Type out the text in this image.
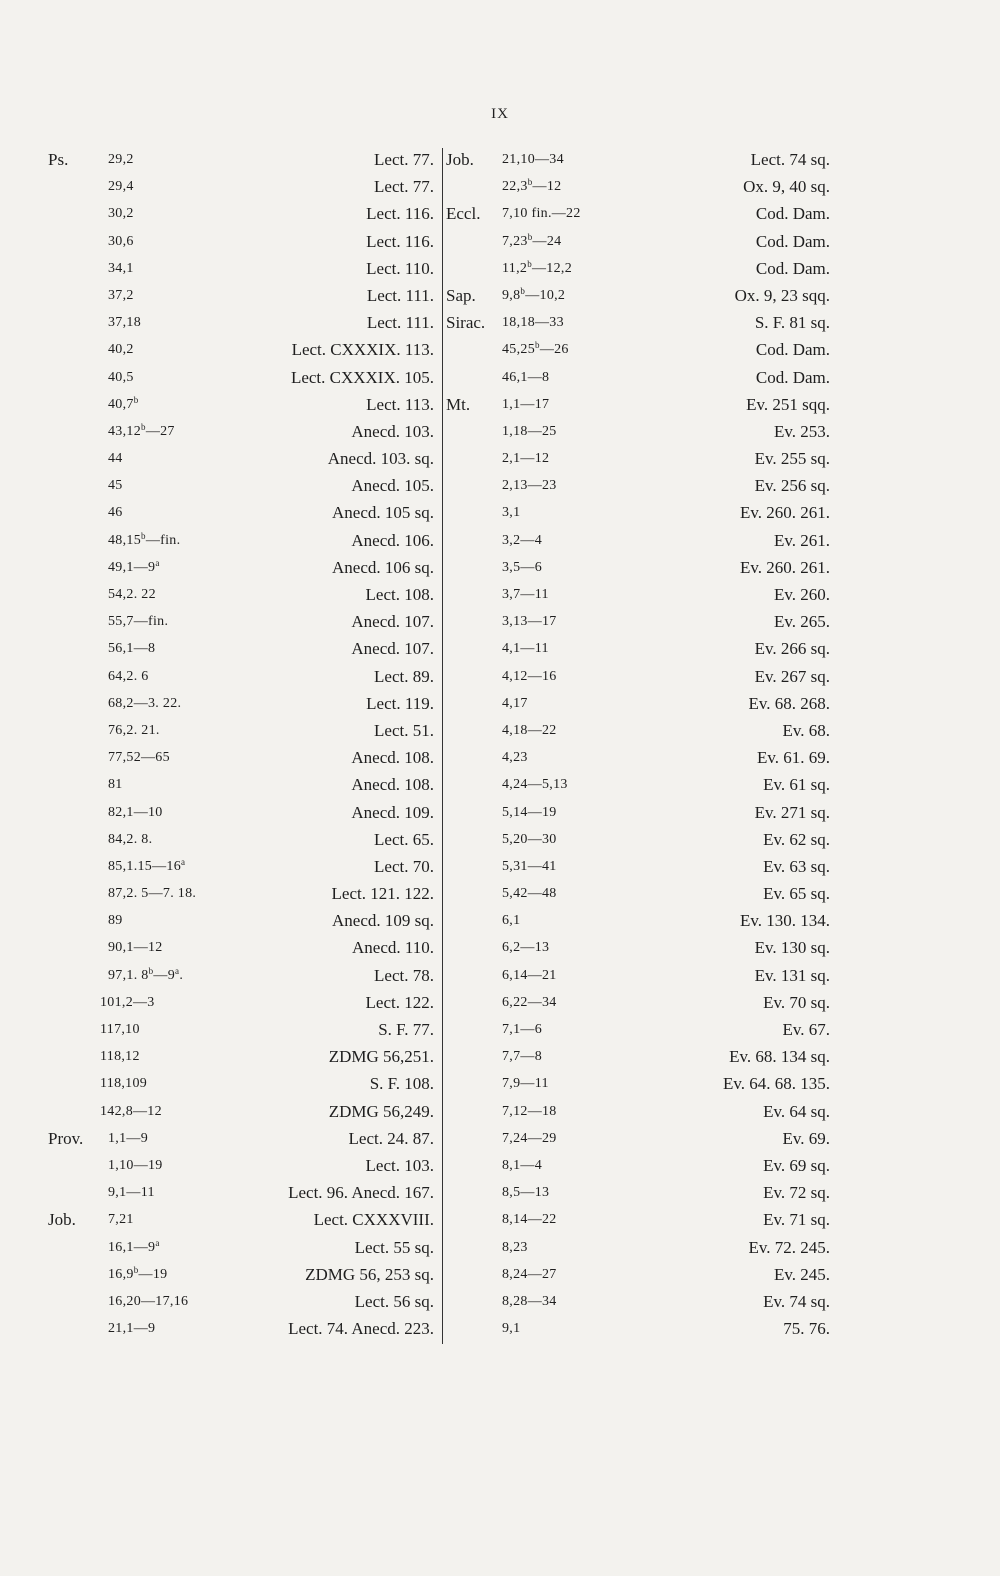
IX
Ps.	29,2	Lect. 77.
29,4	Lect. 77.
30,2	Lect. 116.
30,6	Lect. 116.
34,1	Lect. 110.
37,2	Lect. 111.
37,18	Lect. 111.
40,2	Lect. CXXXIX. 113.
40,5	Lect. CXXXIX. 105.
40,7$^b$	Lect. 113.
43,12$^b$—27	Anecd. 103.
44	Anecd. 103. sq.
45	Anecd. 105.
46	Anecd. 105 sq.
48,15$^b$—fin.	Anecd. 106.
49,1—9$^a$	Anecd. 106 sq.
54,2. 22	Lect. 108.
55,7—fin.	Anecd. 107.
56,1—8	Anecd. 107.
64,2. 6	Lect. 89.
68,2—3. 22.	Lect. 119.
76,2. 21.	Lect. 51.
77,52—65	Anecd. 108.
81	Anecd. 108.
82,1—10	Anecd. 109.
84,2. 8.	Lect. 65.
85,1.15—16$^a$	Lect. 70.
87,2. 5—7. 18.	Lect. 121. 122.
89	Anecd. 109 sq.
90,1—12	Anecd. 110.
97,1. 8$^b$—9$^a$.	Lect. 78.
101,2—3	Lect. 122.
117,10	S. F. 77.
118,12	ZDMG 56,251.
118,109	S. F. 108.
142,8—12	ZDMG 56,249.
Prov. 1,1—9	Lect. 24. 87.
1,10—19	Lect. 103.
9,1—11	Lect. 96. Anecd. 167.
Job. 7,21	Lect. CXXXVIII.
16,1—9$^a$	Lect. 55 sq.
16,9$^b$—19	ZDMG 56, 253 sq.
16,20—17,16	Lect. 56 sq.
21,1—9	Lect. 74. Anecd. 223.
Job. 21,10—34	Lect. 74 sq.
22,3$^b$—12	Ox. 9, 40 sq.
Eccl. 7,10 fin.—22	Cod. Dam.
7,23$^b$—24	Cod. Dam.
11,2$^b$—12,2	Cod. Dam.
Sap. 9,8$^b$—10,2	Ox. 9, 23 sqq.
Sirac. 18,18—33	S. F. 81 sq.
45,25$^b$—26	Cod. Dam.
46,1—8	Cod. Dam.
Mt. 1,1—17	Ev. 251 sqq.
1,18—25	Ev. 253.
2,1—12	Ev. 255 sq.
2,13—23	Ev. 256 sq.
3,1	Ev. 260. 261.
3,2—4	Ev. 261.
3,5—6	Ev. 260. 261.
3,7—11	Ev. 260.
3,13—17	Ev. 265.
4,1—11	Ev. 266 sq.
4,12—16	Ev. 267 sq.
4,17	Ev. 68. 268.
4,18—22	Ev. 68.
4,23	Ev. 61. 69.
4,24—5,13	Ev. 61 sq.
5,14—19	Ev. 271 sq.
5,20—30	Ev. 62 sq.
5,31—41	Ev. 63 sq.
5,42—48	Ev. 65 sq.
6,1	Ev. 130. 134.
6,2—13	Ev. 130 sq.
6,14—21	Ev. 131 sq.
6,22—34	Ev. 70 sq.
7,1—6	Ev. 67.
7,7—8	Ev. 68. 134 sq.
7,9—11	Ev. 64. 68. 135.
7,12—18	Ev. 64 sq.
7,24—29	Ev. 69.
8,1—4	Ev. 69 sq.
8,5—13	Ev. 72 sq.
8,14—22	Ev. 71 sq.
8,23	Ev. 72. 245.
8,24—27	Ev. 245.
8,28—34	Ev. 74 sq.
9,1	75. 76.
